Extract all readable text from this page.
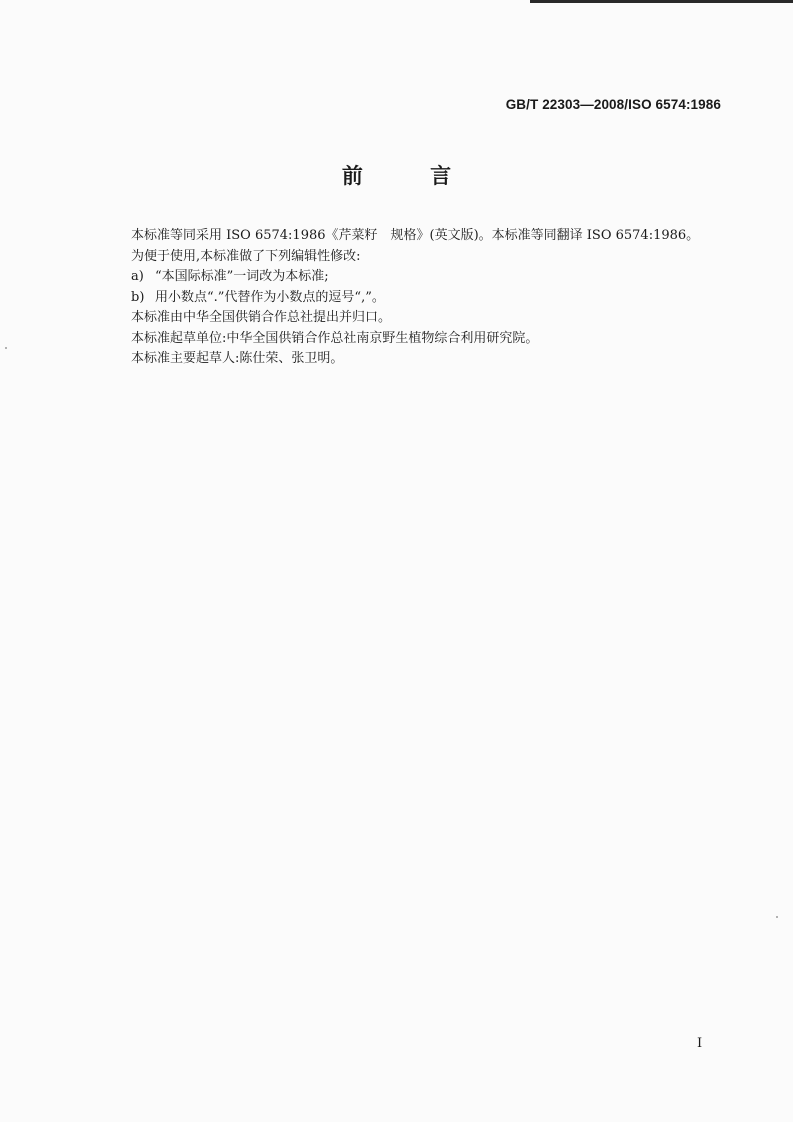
GB/T 22303—2008/ISO 6574:1986
前 言

本标准等同采用 ISO 6574:1986《芹菜籽　规格》(英文版)。本标准等同翻译 ISO 6574:1986。

为便于使用,本标准做了下列编辑性修改:

a) “本国际标准”一词改为本标准;

b) 用小数点“.”代替作为小数点的逗号“,”。

本标准由中华全国供销合作总社提出并归口。

本标准起草单位:中华全国供销合作总社南京野生植物综合利用研究院。

本标准主要起草人:陈仕荣、张卫明。

I
